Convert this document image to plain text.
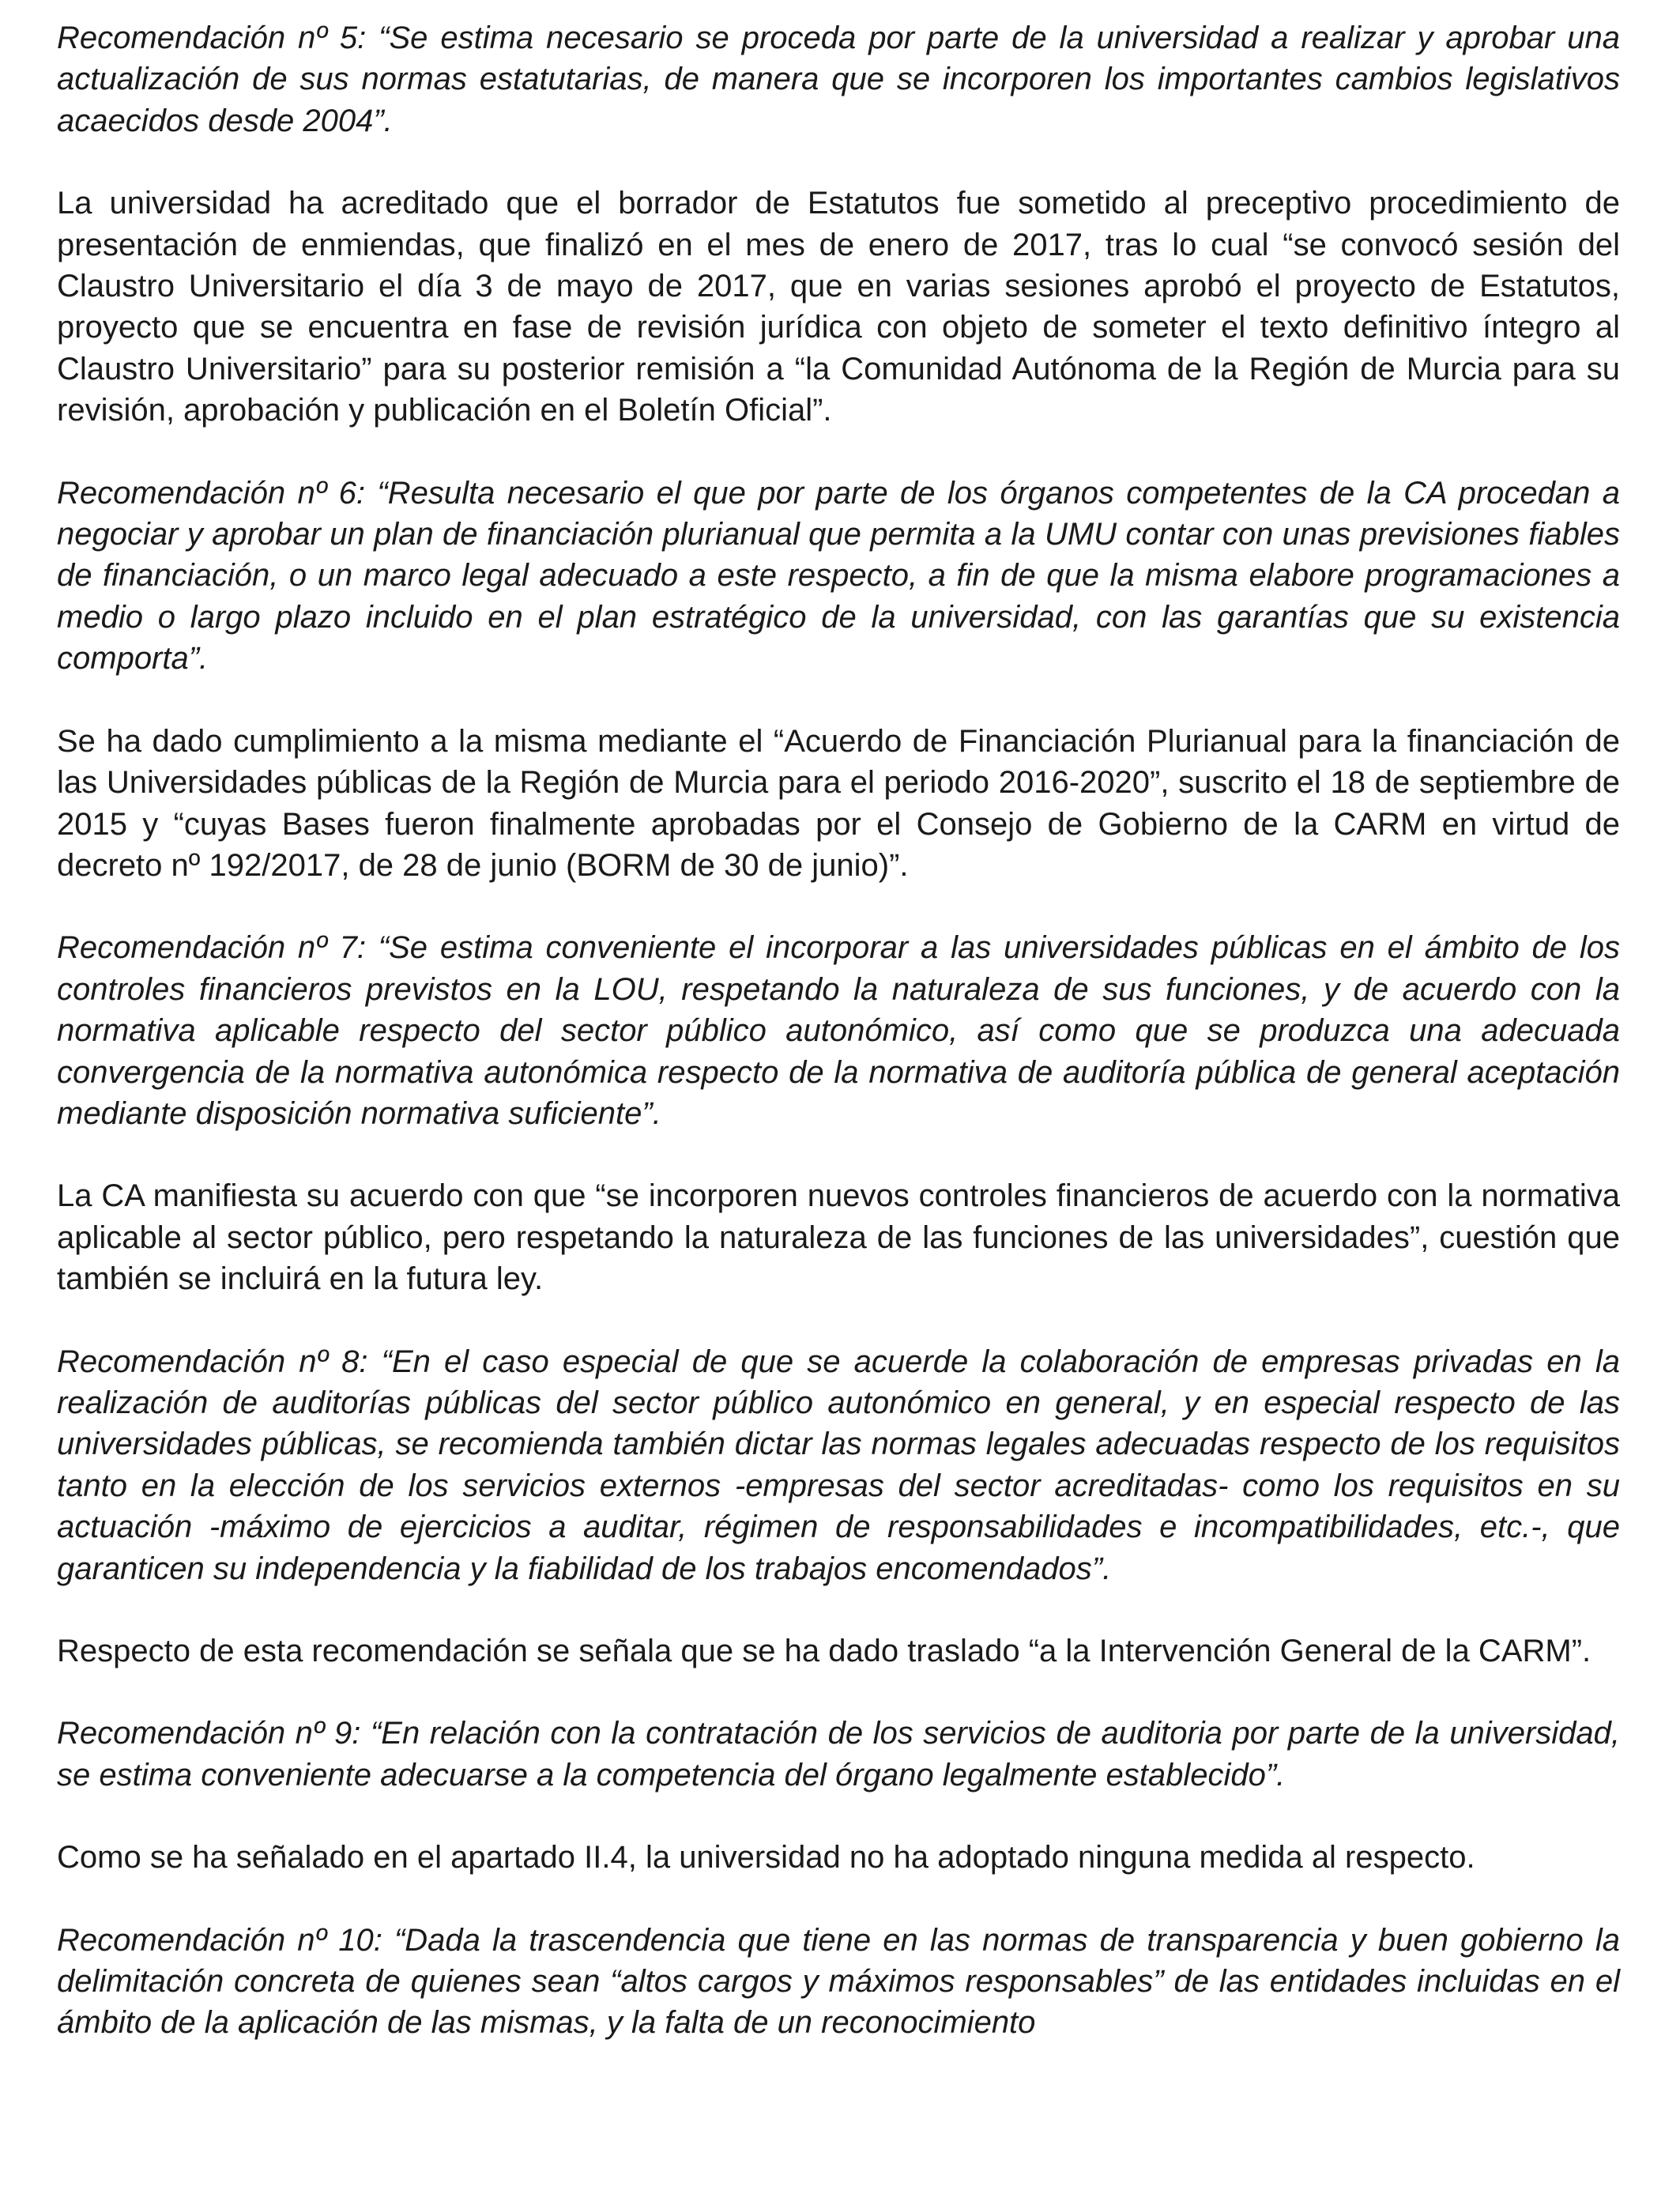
Recomendación nº 5: “Se estima necesario se proceda por parte de la universidad a realizar y aprobar una actualización de sus normas estatutarias, de manera que se incorporen los importantes cambios legislativos acaecidos desde 2004”.

La universidad ha acreditado que el borrador de Estatutos fue sometido al preceptivo procedimiento de presentación de enmiendas, que finalizó en el mes de enero de 2017, tras lo cual “se convocó sesión del Claustro Universitario el día 3 de mayo de 2017, que en varias sesiones aprobó el proyecto de Estatutos, proyecto que se encuentra en fase de revisión jurídica con objeto de someter el texto definitivo íntegro al Claustro Universitario” para su posterior remisión a “la Comunidad Autónoma de la Región de Murcia para su revisión, aprobación y publicación en el Boletín Oficial”.

Recomendación nº 6: “Resulta necesario el que por parte de los órganos competentes de la CA procedan a negociar y aprobar un plan de financiación plurianual que permita a la UMU contar con unas previsiones fiables de financiación, o un marco legal adecuado a este respecto, a fin de que la misma elabore programaciones a medio o largo plazo incluido en el plan estratégico de la universidad, con las garantías que su existencia comporta”.

Se ha dado cumplimiento a la misma mediante el “Acuerdo de Financiación Plurianual para la financiación de las Universidades públicas de la Región de Murcia para el periodo 2016-2020”, suscrito el 18 de septiembre de 2015 y “cuyas Bases fueron finalmente aprobadas por el Consejo de Gobierno de la CARM en virtud de decreto nº 192/2017, de 28 de junio (BORM de 30 de junio)”.

Recomendación nº 7: “Se estima conveniente el incorporar a las universidades públicas en el ámbito de los controles financieros previstos en la LOU, respetando la naturaleza de sus funciones, y de acuerdo con la normativa aplicable respecto del sector público autonómico, así como que se produzca una adecuada convergencia de la normativa autonómica respecto de la normativa de auditoría pública de general aceptación mediante disposición normativa suficiente”.

La CA manifiesta su acuerdo con que “se incorporen nuevos controles financieros de acuerdo con la normativa aplicable al sector público, pero respetando la naturaleza de las funciones de las universidades”, cuestión que también se incluirá en la futura ley.

Recomendación nº 8: “En el caso especial de que se acuerde la colaboración de empresas privadas en la realización de auditorías públicas del sector público autonómico en general, y en especial respecto de las universidades públicas, se recomienda también dictar las normas legales adecuadas respecto de los requisitos tanto en la elección de los servicios externos -empresas del sector acreditadas- como los requisitos en su actuación -máximo de ejercicios a auditar, régimen de responsabilidades e incompatibilidades, etc.-, que garanticen su independencia y la fiabilidad de los trabajos encomendados”.

Respecto de esta recomendación se señala que se ha dado traslado “a la Intervención General de la CARM”.

Recomendación nº 9: “En relación con la contratación de los servicios de auditoria por parte de la universidad, se estima conveniente adecuarse a la competencia del órgano legalmente establecido”.

Como se ha señalado en el apartado II.4, la universidad no ha adoptado ninguna medida al respecto.

Recomendación nº 10: “Dada la trascendencia que tiene en las normas de transparencia y buen gobierno la delimitación concreta de quienes sean “altos cargos y máximos responsables” de las entidades incluidas en el ámbito de la aplicación de las mismas, y la falta de un reconocimiento
